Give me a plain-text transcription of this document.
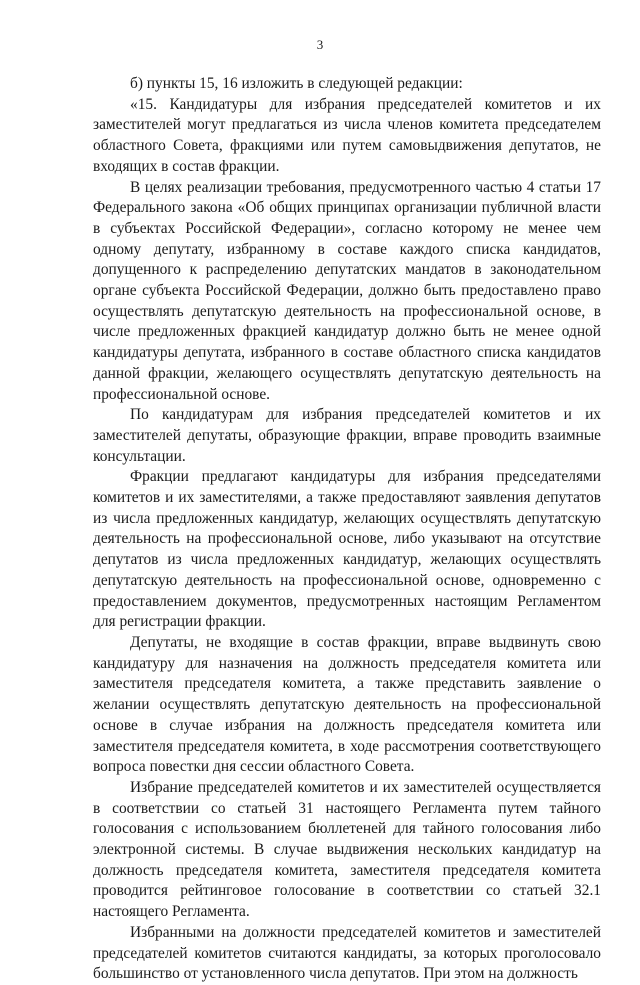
3

б) пункты 15, 16 изложить в следующей редакции:

«15. Кандидатуры для избрания председателей комитетов и их заместителей могут предлагаться из числа членов комитета председателем областного Совета, фракциями или путем самовыдвижения депутатов, не входящих в состав фракции.

В целях реализации требования, предусмотренного частью 4 статьи 17 Федерального закона «Об общих принципах организации публичной власти в субъектах Российской Федерации», согласно которому не менее чем одному депутату, избранному в составе каждого списка кандидатов, допущенного к распределению депутатских мандатов в законодательном органе субъекта Российской Федерации, должно быть предоставлено право осуществлять депутатскую деятельность на профессиональной основе, в числе предложенных фракцией кандидатур должно быть не менее одной кандидатуры депутата, избранного в составе областного списка кандидатов данной фракции, желающего осуществлять депутатскую деятельность на профессиональной основе.

По кандидатурам для избрания председателей комитетов и их заместителей депутаты, образующие фракции, вправе проводить взаимные консультации.

Фракции предлагают кандидатуры для избрания председателями комитетов и их заместителями, а также предоставляют заявления депутатов из числа предложенных кандидатур, желающих осуществлять депутатскую деятельность на профессиональной основе, либо указывают на отсутствие депутатов из числа предложенных кандидатур, желающих осуществлять депутатскую деятельность на профессиональной основе, одновременно с предоставлением документов, предусмотренных настоящим Регламентом для регистрации фракции.

Депутаты, не входящие в состав фракции, вправе выдвинуть свою кандидатуру для назначения на должность председателя комитета или заместителя председателя комитета, а также представить заявление о желании осуществлять депутатскую деятельность на профессиональной основе в случае избрания на должность председателя комитета или заместителя председателя комитета, в ходе рассмотрения соответствующего вопроса повестки дня сессии областного Совета.

Избрание председателей комитетов и их заместителей осуществляется в соответствии со статьей 31 настоящего Регламента путем тайного голосования с использованием бюллетеней для тайного голосования либо электронной системы. В случае выдвижения нескольких кандидатур на должность председателя комитета, заместителя председателя комитета проводится рейтинговое голосование в соответствии со статьей 32.1 настоящего Регламента.

Избранными на должности председателей комитетов и заместителей председателей комитетов считаются кандидаты, за которых проголосовало большинство от установленного числа депутатов. При этом на должность
